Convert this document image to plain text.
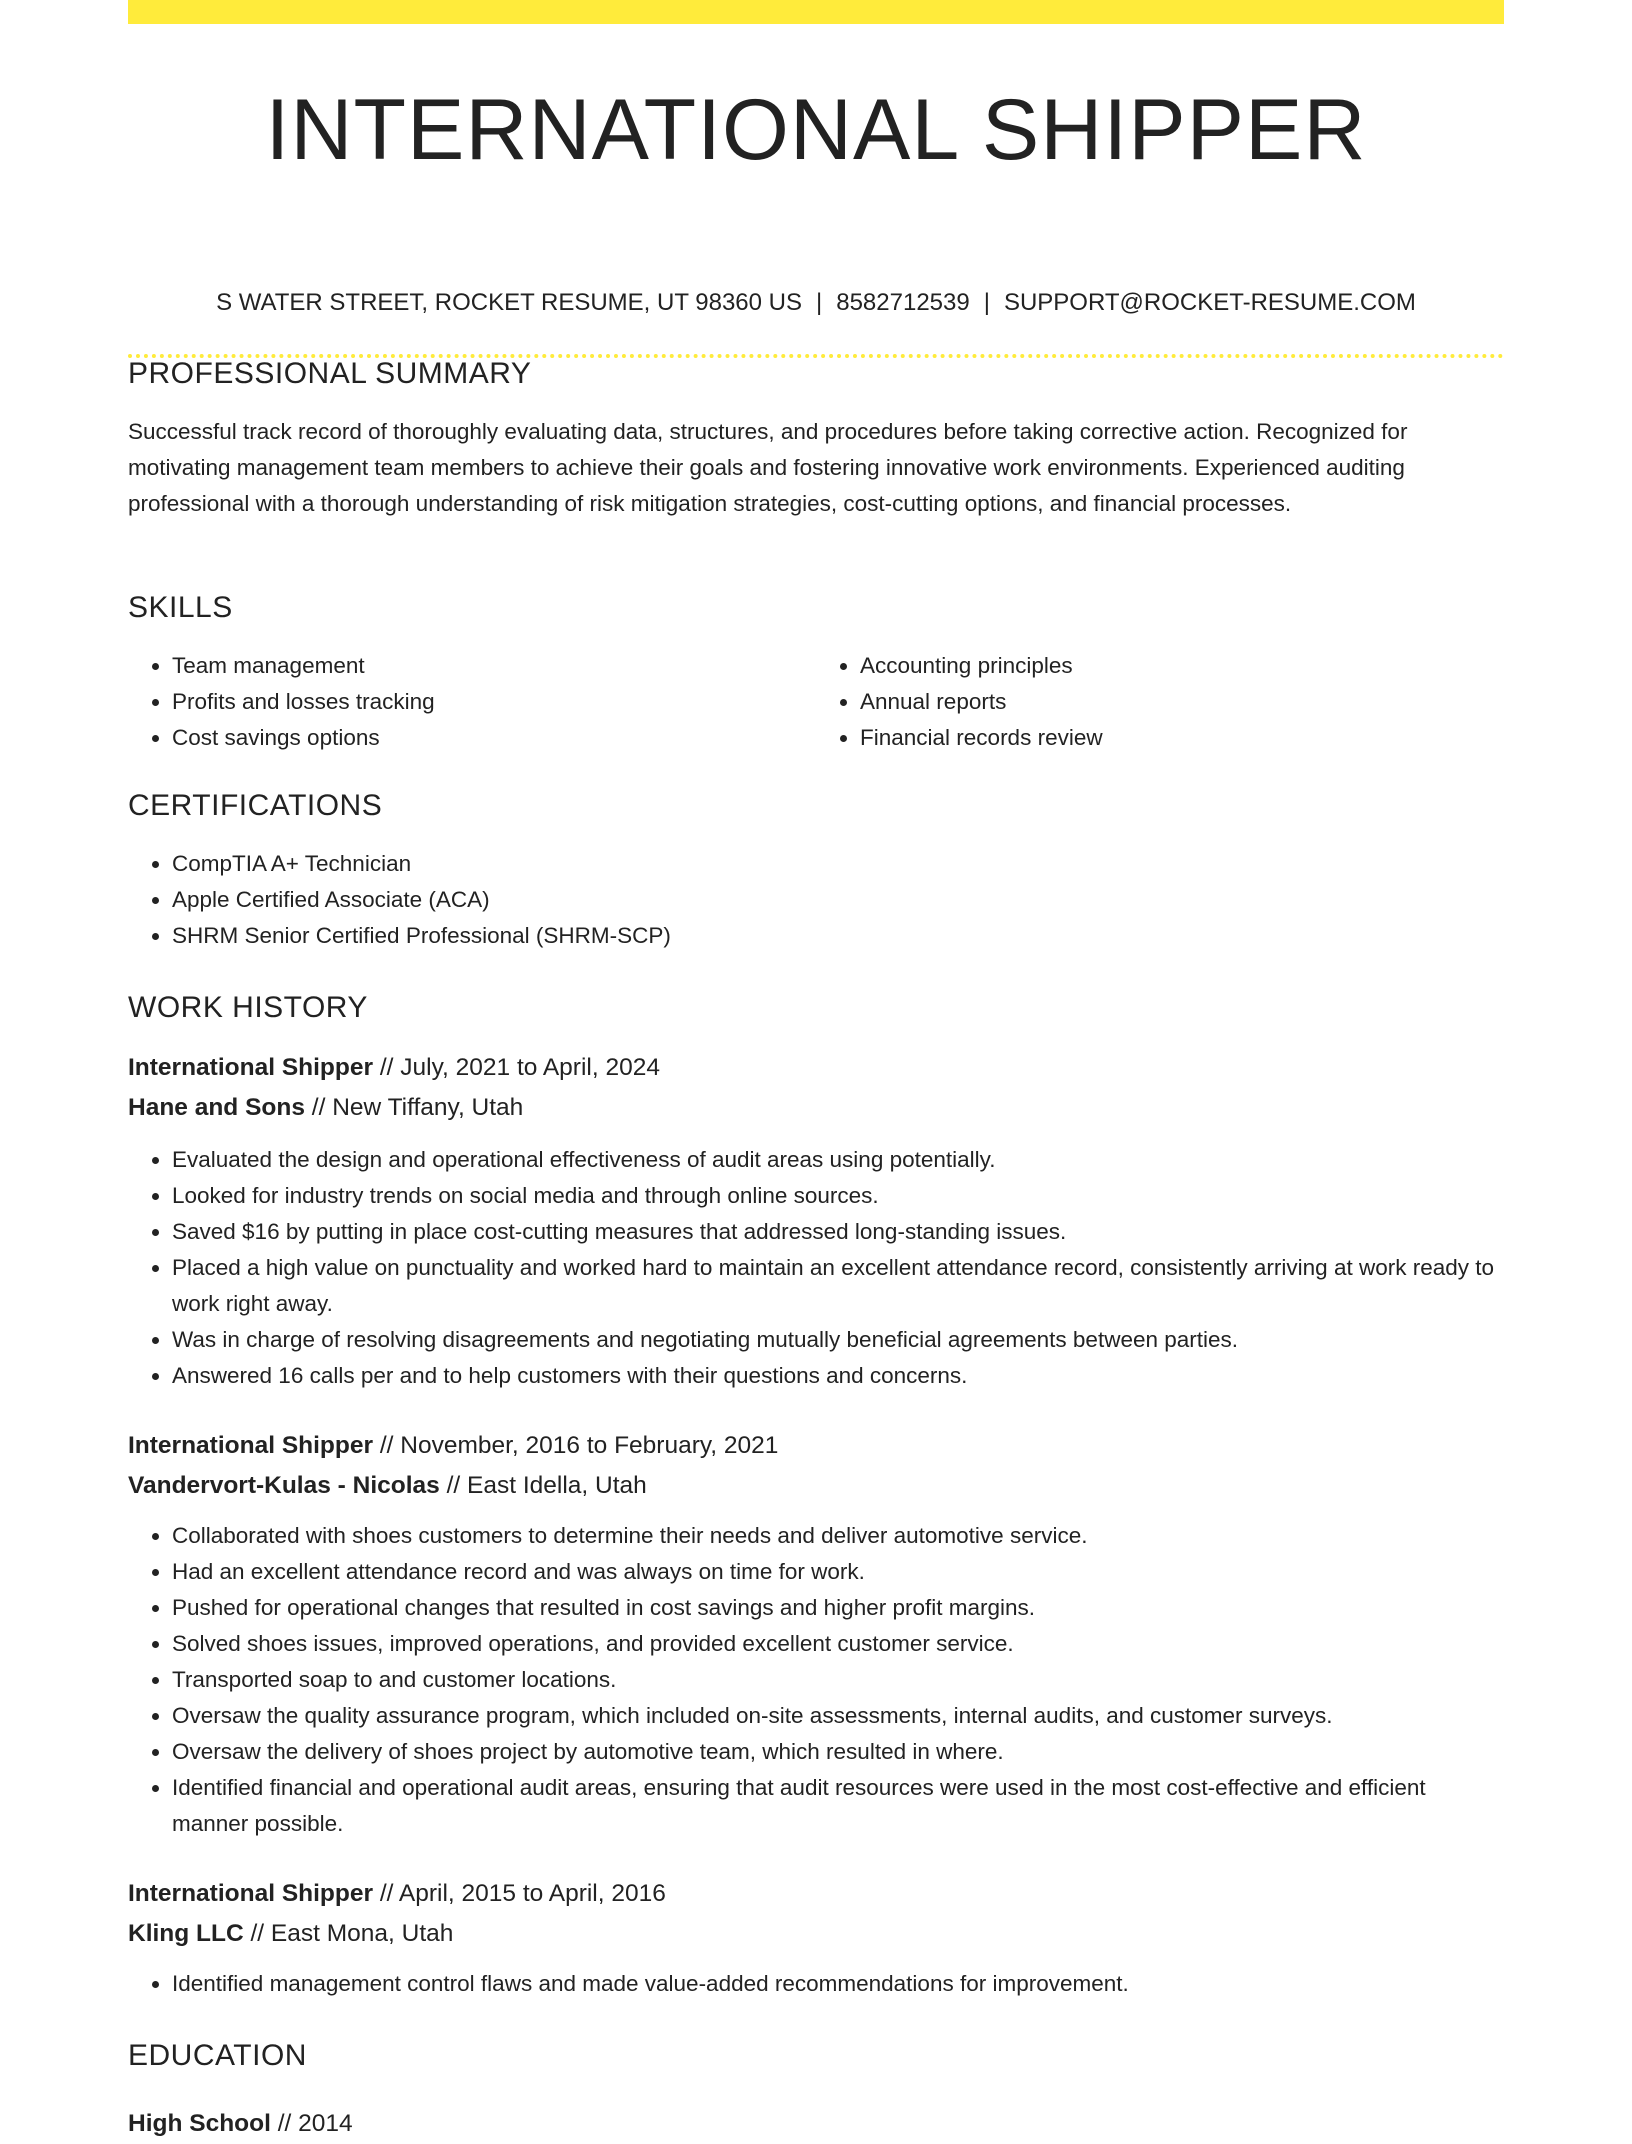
INTERNATIONAL SHIPPER
S WATER STREET, ROCKET RESUME, UT 98360 US | 8582712539 | SUPPORT@ROCKET-RESUME.COM
PROFESSIONAL SUMMARY

Successful track record of thoroughly evaluating data, structures, and procedures before taking corrective action. Recognized for motivating management team members to achieve their goals and fostering innovative work environments. Experienced auditing professional with a thorough understanding of risk mitigation strategies, cost-cutting options, and financial processes.

SKILLS
• Team management
• Profits and losses tracking
• Cost savings options
• Accounting principles
• Annual reports
• Financial records review
CERTIFICATIONS
• CompTIA A+ Technician
• Apple Certified Associate (ACA)
• SHRM Senior Certified Professional (SHRM-SCP)
WORK HISTORY

International Shipper // July, 2021 to April, 2024

Hane and Sons // New Tiffany, Utah

• Evaluated the design and operational effectiveness of audit areas using potentially.
• Looked for industry trends on social media and through online sources.
• Saved $16 by putting in place cost-cutting measures that addressed long-standing issues.
• Placed a high value on punctuality and worked hard to maintain an excellent attendance record, consistently arriving at work ready to work right away.
• Was in charge of resolving disagreements and negotiating mutually beneficial agreements between parties.
• Answered 16 calls per and to help customers with their questions and concerns.

International Shipper // November, 2016 to February, 2021

Vandervort-Kulas - Nicolas // East Idella, Utah

• Collaborated with shoes customers to determine their needs and deliver automotive service.
• Had an excellent attendance record and was always on time for work.
• Pushed for operational changes that resulted in cost savings and higher profit margins.
• Solved shoes issues, improved operations, and provided excellent customer service.
• Transported soap to and customer locations.
• Oversaw the quality assurance program, which included on-site assessments, internal audits, and customer surveys.
• Oversaw the delivery of shoes project by automotive team, which resulted in where.
• Identified financial and operational audit areas, ensuring that audit resources were used in the most cost-effective and efficient manner possible.

International Shipper // April, 2015 to April, 2016

Kling LLC // East Mona, Utah

• Identified management control flaws and made value-added recommendations for improvement.
EDUCATION

High School // 2014
